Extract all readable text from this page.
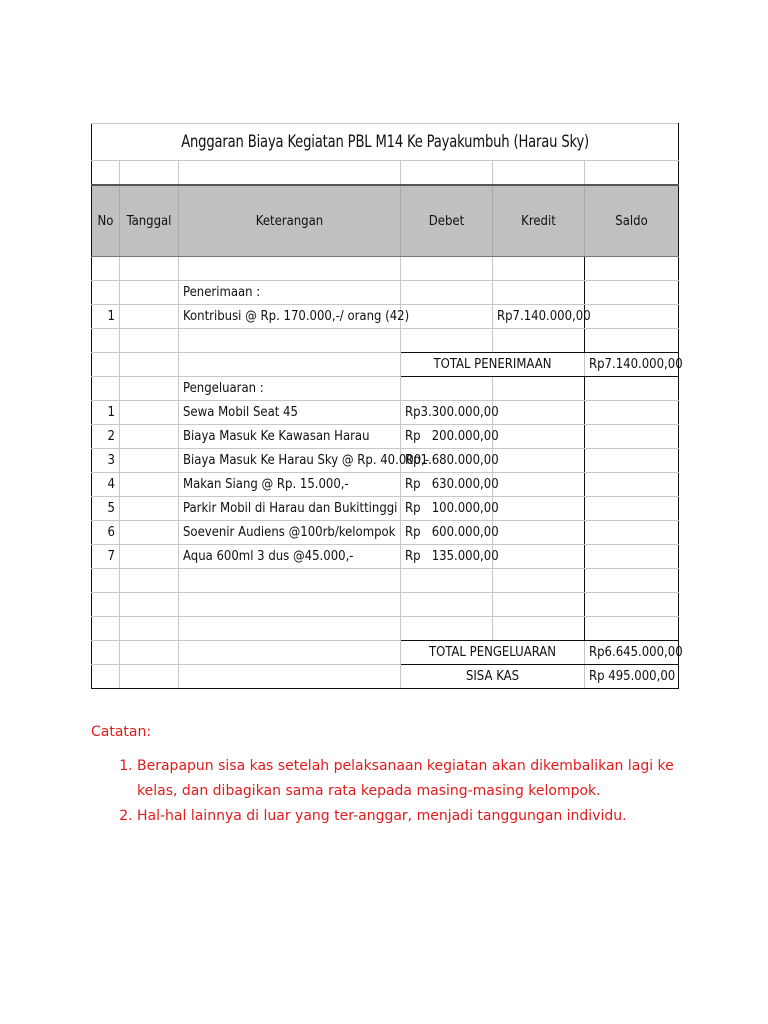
Anggaran Biaya Kegiatan PBL M14 Ke Payakumbuh (Harau Sky)					

No	Tanggal	Keterangan	Debet	Kredit	Saldo

		Penerimaan :			
1		Kontribusi @ Rp. 170.000,-/ orang (42)		Rp7.140.000,00	

			TOTAL PENERIMAAN		Rp7.140.000,00
		Pengeluaran :			
1		Sewa Mobil Seat 45	Rp3.300.000,00		
2		Biaya Masuk Ke Kawasan Harau	Rp   200.000,00		
3		Biaya Masuk Ke Harau Sky @ Rp. 40.000,-	Rp1.680.000,00		
4		Makan Siang @ Rp. 15.000,-	Rp   630.000,00		
5		Parkir Mobil di Harau dan Bukittinggi	Rp   100.000,00		
6		Soevenir Audiens @100rb/kelompok	Rp   600.000,00		
7		Aqua 600ml 3 dus @45.000,-	Rp   135.000,00		

			TOTAL PENGELUARAN		Rp6.645.000,00
			SISA KAS		Rp 495.000,00
Catatan:
1. Berapapun sisa kas setelah pelaksanaan kegiatan akan dikembalikan lagi ke kelas, dan dibagikan sama rata kepada masing-masing kelompok.
2. Hal-hal lainnya di luar yang ter-anggar, menjadi tanggungan individu.
